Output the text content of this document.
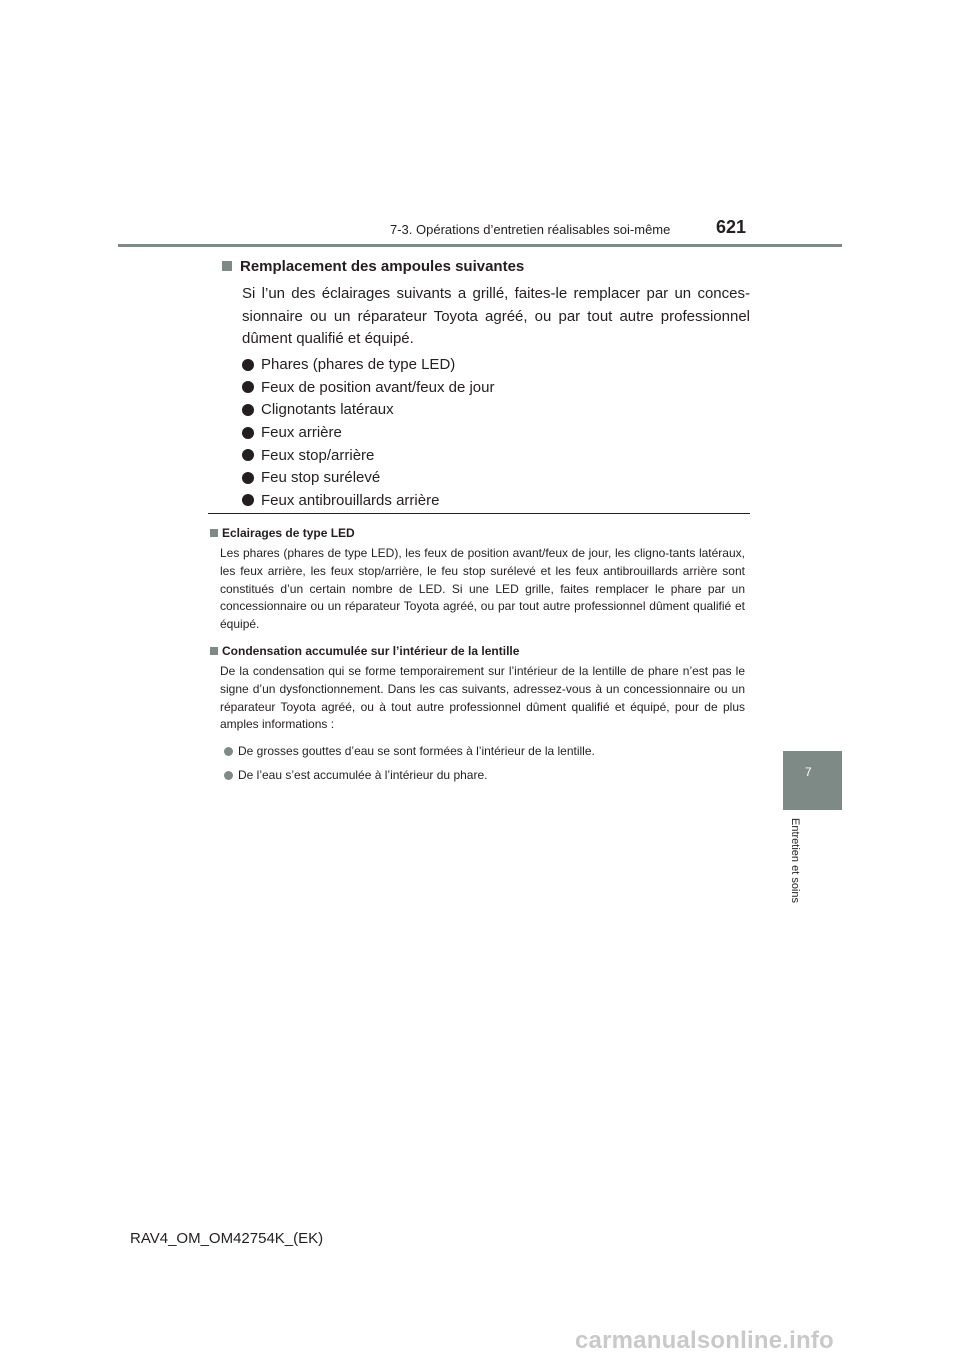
7-3. Opérations d’entretien réalisables soi-même	621
7
Entretien et soins
Remplacement des ampoules suivantes

Si l’un des éclairages suivants a grillé, faites-le remplacer par un conces-sionnaire ou un réparateur Toyota agréé, ou par tout autre professionnel dûment qualifié et équipé.

Phares (phares de type LED)
Feux de position avant/feux de jour
Clignotants latéraux
Feux arrière
Feux stop/arrière
Feu stop surélevé
Feux antibrouillards arrière
Eclairages de type LED

Les phares (phares de type LED), les feux de position avant/feux de jour, les cligno-tants latéraux, les feux arrière, les feux stop/arrière, le feu stop surélevé et les feux antibrouillards arrière sont constitués d’un certain nombre de LED. Si une LED grille, faites remplacer le phare par un concessionnaire ou un réparateur Toyota agréé, ou par tout autre professionnel dûment qualifié et équipé.

Condensation accumulée sur l’intérieur de la lentille

De la condensation qui se forme temporairement sur l’intérieur de la lentille de phare n’est pas le signe d’un dysfonctionnement. Dans les cas suivants, adressez-vous à un concessionnaire ou un réparateur Toyota agréé, ou à tout autre professionnel dûment qualifié et équipé, pour de plus amples informations :

De grosses gouttes d’eau se sont formées à l’intérieur de la lentille.
De l’eau s’est accumulée à l’intérieur du phare.
RAV4_OM_OM42754K_(EK)
carmanualsonline.info
